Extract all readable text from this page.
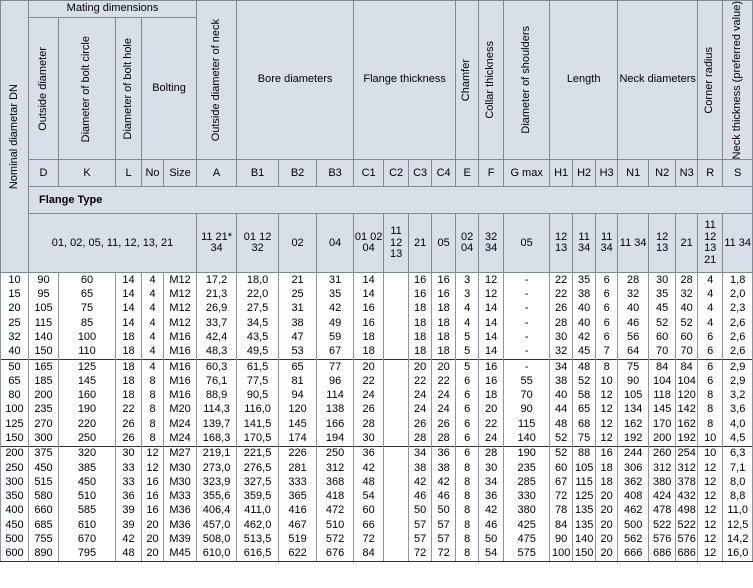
Nominal diametar DN	Mating dimensions					Outside diameter of neck	Bore diameters			Flange thickness				Chamfer	Collar thickness	Diameter of shoulders	Length			Neck diameters			Corner radius	Neck thickness (preferred value)

	Outside diameter	Diameter of bolt circle	Diameter of bolt hole	Bolting																				
	D	K	L	No	Size	A	B1	B2	B3	C1	C2	C3	C4	E	F	G max	H1	H2	H3	N1	N2	N3	R	S
	Flange Type																							
	01, 02, 05, 11, 12, 13, 21					11 21* 34	01 12 32	02	04	01 02 04	11 12 13	21	05	02 04	32 34	05	12 13	11 34	11 34	11 34	12 13	21	11 12 13 21	11 34
10	90	60	14	4	M12	17,2	18,0	21	31	14		16	16	3	12	-	22	35	6	28	30	28	4	1,8
15	95	65	14	4	M12	21,3	22,0	25	35	14		16	16	3	12	-	22	38	6	32	35	32	4	2,0
20	105	75	14	4	M12	26,9	27,5	31	42	16		18	18	4	14	-	26	40	6	40	45	40	4	2,3
25	115	85	14	4	M12	33,7	34,5	38	49	16		18	18	4	14	-	28	40	6	46	52	52	4	2,6
32	140	100	18	4	M16	42,4	43,5	47	59	18		18	18	5	14	-	30	42	6	56	60	60	6	2,6
40	150	110	18	4	M16	48,3	49,5	53	67	18		18	18	5	14	-	32	45	7	64	70	70	6	2,6
50	165	125	18	4	M16	60,3	61,5	65	77	20		20	20	5	16	-	34	48	8	75	84	84	6	2,9
65	185	145	18	8	M16	76,1	77,5	81	96	22		22	22	6	16	55	38	52	10	90	104	104	6	2,9
80	200	160	18	8	M16	88,9	90,5	94	114	24		24	24	6	18	70	40	58	12	105	118	120	8	3,2
100	235	190	22	8	M20	114,3	116,0	120	138	26		24	24	6	20	90	44	65	12	134	145	142	8	3,6
125	270	220	26	8	M24	139,7	141,5	145	166	28		26	26	6	22	115	48	68	12	162	170	162	8	4,0
150	300	250	26	8	M24	168,3	170,5	174	194	30		28	28	6	24	140	52	75	12	192	200	192	10	4,5
200	375	320	30	12	M27	219,1	221,5	226	250	36		34	36	6	28	190	52	88	16	244	260	254	10	6,3
250	450	385	33	12	M30	273,0	276,5	281	312	42		38	38	8	30	235	60	105	18	306	312	312	12	7,1
300	515	450	33	16	M30	323,9	327,5	333	368	48		42	42	8	34	285	67	115	18	362	380	378	12	8,0
350	580	510	36	16	M33	355,6	359,5	365	418	54		46	46	8	36	330	72	125	20	408	424	432	12	8,8
400	660	585	39	16	M36	406,4	411,0	416	472	60		50	50	8	42	380	78	135	20	462	478	498	12	11,0
450	685	610	39	20	M36	457,0	462,0	467	510	66		57	57	8	46	425	84	135	20	500	522	522	12	12,5
500	755	670	42	20	M39	508,0	513,5	519	572	72		57	57	8	50	475	90	140	20	562	576	576	12	14,2
600	890	795	48	20	M45	610,0	616,5	622	676	84		72	72	8	54	575	100	150	20	666	686	686	12	16,0
